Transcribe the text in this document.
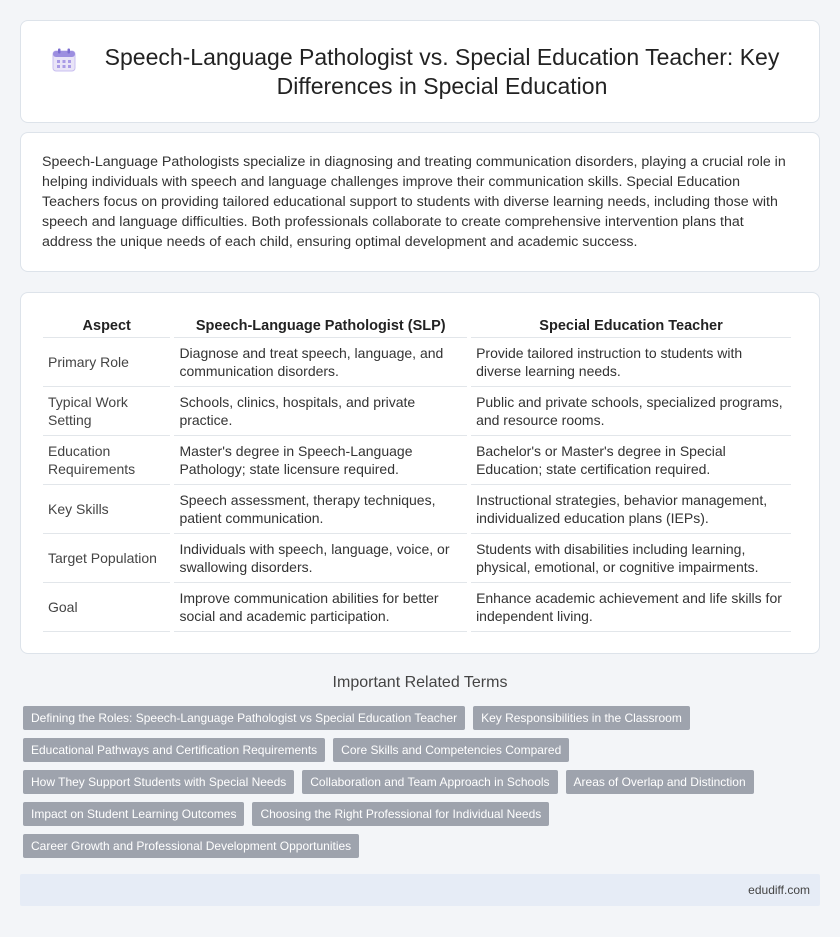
Speech-Language Pathologist vs. Special Education Teacher: Key Differences in Special Education

Speech-Language Pathologists specialize in diagnosing and treating communication disorders, playing a crucial role in helping individuals with speech and language challenges improve their communication skills. Special Education Teachers focus on providing tailored educational support to students with diverse learning needs, including those with speech and language difficulties. Both professionals collaborate to create comprehensive intervention plans that address the unique needs of each child, ensuring optimal development and academic success.

Aspect	Speech-Language Pathologist (SLP)	Special Education Teacher
Primary Role	Diagnose and treat speech, language, and communication disorders.	Provide tailored instruction to students with diverse learning needs.
Typical Work Setting	Schools, clinics, hospitals, and private practice.	Public and private schools, specialized programs, and resource rooms.
Education Requirements	Master's degree in Speech-Language Pathology; state licensure required.	Bachelor's or Master's degree in Special Education; state certification required.
Key Skills	Speech assessment, therapy techniques, patient communication.	Instructional strategies, behavior management, individualized education plans (IEPs).
Target Population	Individuals with speech, language, voice, or swallowing disorders.	Students with disabilities including learning, physical, emotional, or cognitive impairments.
Goal	Improve communication abilities for better social and academic participation.	Enhance academic achievement and life skills for independent living.
Important Related Terms
Defining the Roles: Speech-Language Pathologist vs Special Education Teacher	Key Responsibilities in the Classroom
Educational Pathways and Certification Requirements	Core Skills and Competencies Compared
How They Support Students with Special Needs	Collaboration and Team Approach in Schools	Areas of Overlap and Distinction
Impact on Student Learning Outcomes	Choosing the Right Professional for Individual Needs
Career Growth and Professional Development Opportunities
edudiff.com
